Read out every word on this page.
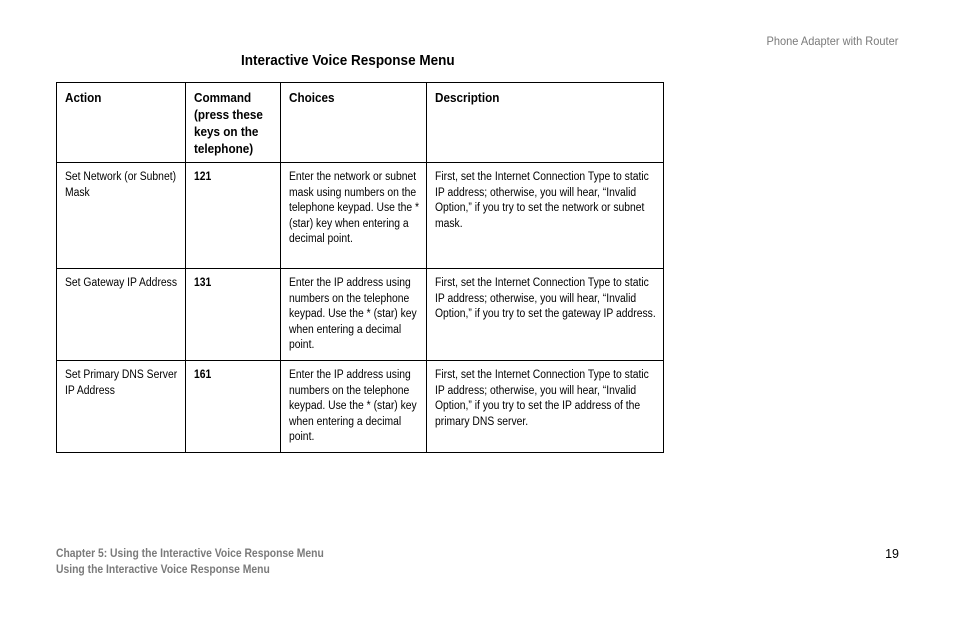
Phone Adapter with Router
Interactive Voice Response Menu
Action	Command (press these keys on the telephone)	Choices	Description
Set Network (or Subnet) Mask	121	Enter the network or subnet mask using numbers on the telephone keypad. Use the * (star) key when entering a decimal point.	First, set the Internet Connection Type to static IP address; otherwise, you will hear, “Invalid Option,” if you try to set the network or subnet mask.
Set Gateway IP Address	131	Enter the IP address using numbers on the telephone keypad. Use the * (star) key when entering a decimal point.	First, set the Internet Connection Type to static IP address; otherwise, you will hear, “Invalid Option,” if you try to set the gateway IP address.
Set Primary DNS Server IP Address	161	Enter the IP address using numbers on the telephone keypad. Use the * (star) key when entering a decimal point.	First, set the Internet Connection Type to static IP address; otherwise, you will hear, “Invalid Option,” if you try to set the IP address of the primary DNS server.
Chapter 5: Using the Interactive Voice Response Menu
Using the Interactive Voice Response Menu
19
